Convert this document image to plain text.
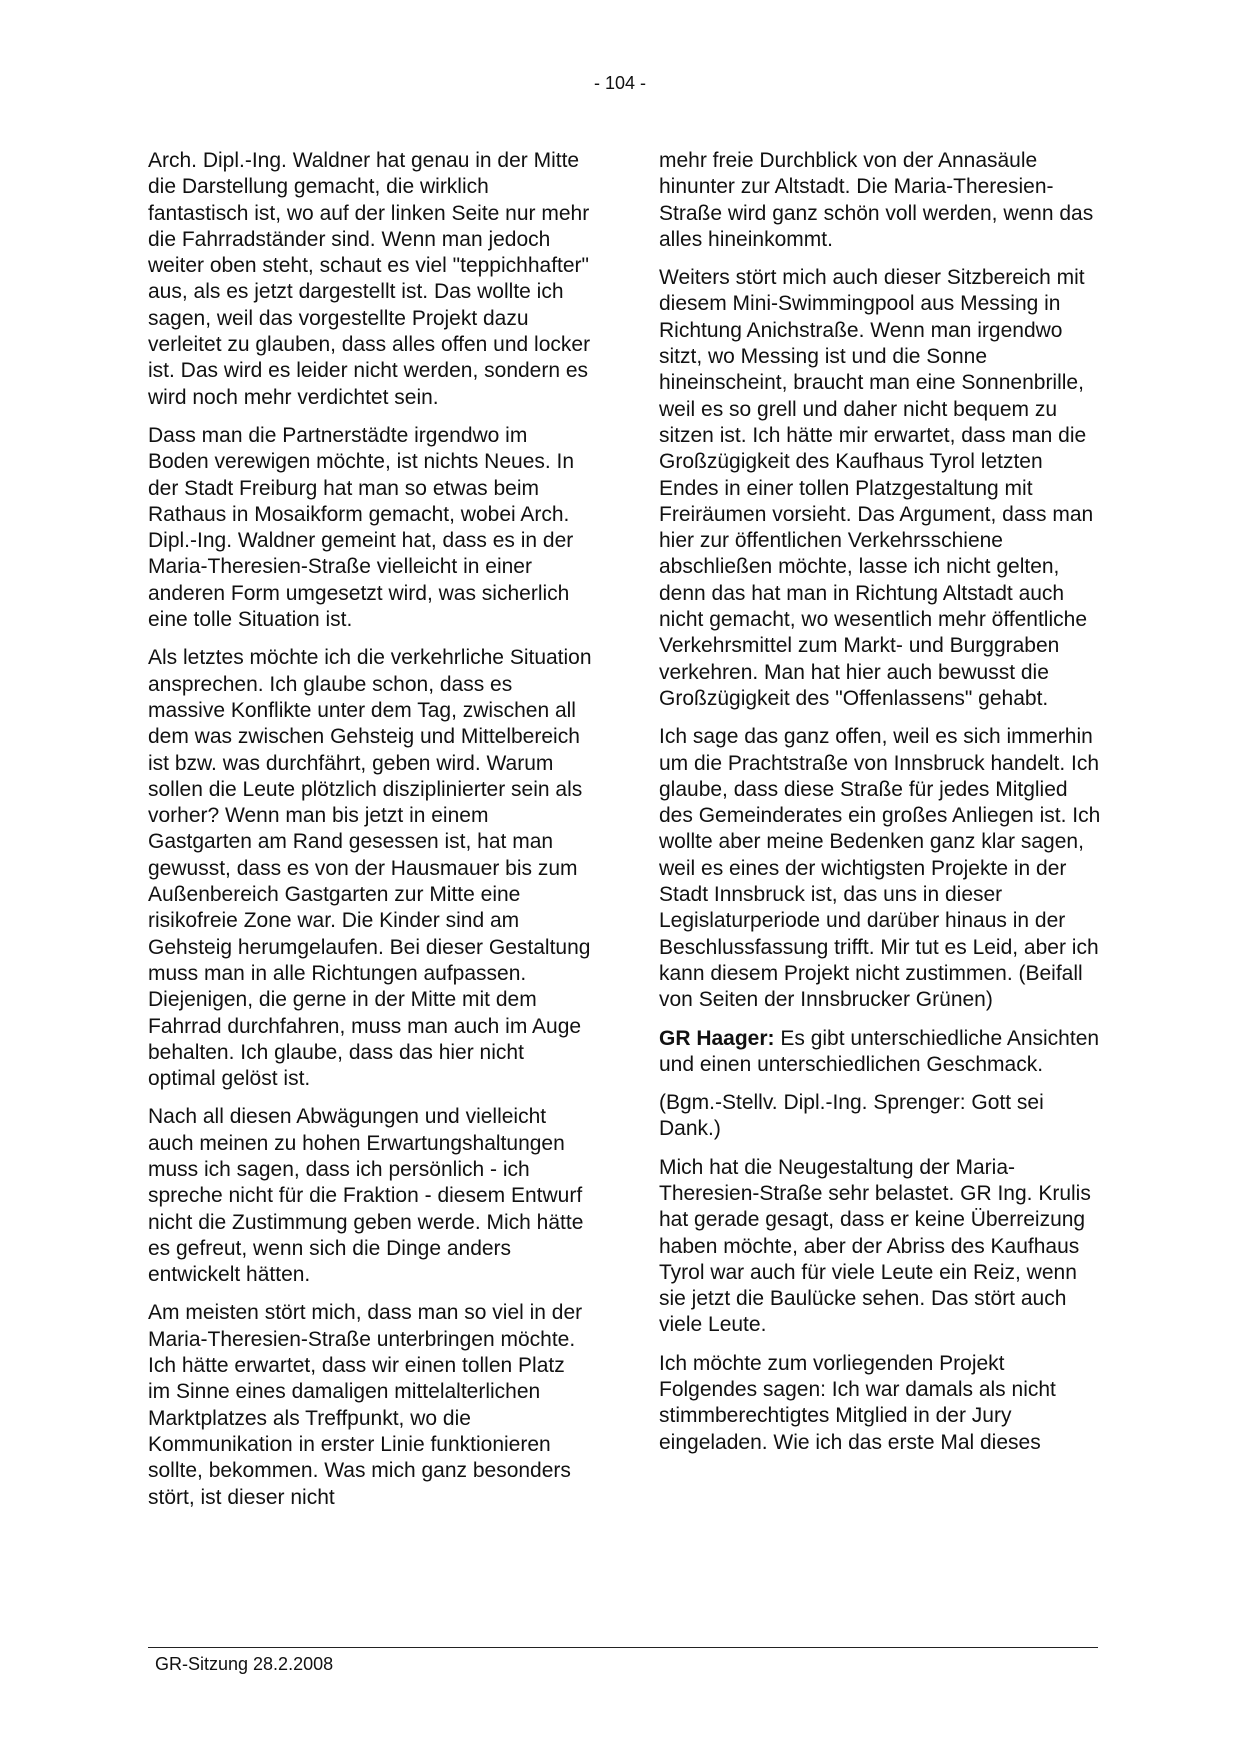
- 104 -

Arch. Dipl.-Ing. Waldner hat genau in der Mitte die Darstellung gemacht, die wirklich fantastisch ist, wo auf der linken Seite nur mehr die Fahrradständer sind. Wenn man jedoch weiter oben steht, schaut es viel "teppichhafter" aus, als es jetzt dargestellt ist. Das wollte ich sagen, weil das vorgestellte Projekt dazu verleitet zu glauben, dass alles offen und locker ist. Das wird es leider nicht werden, sondern es wird noch mehr verdichtet sein.

Dass man die Partnerstädte irgendwo im Boden verewigen möchte, ist nichts Neues. In der Stadt Freiburg hat man so etwas beim Rathaus in Mosaikform gemacht, wobei Arch. Dipl.-Ing. Waldner gemeint hat, dass es in der Maria-Theresien-Straße vielleicht in einer anderen Form umgesetzt wird, was sicherlich eine tolle Situation ist.

Als letztes möchte ich die verkehrliche Situation ansprechen. Ich glaube schon, dass es massive Konflikte unter dem Tag, zwischen all dem was zwischen Gehsteig und Mittelbereich ist bzw. was durchfährt, geben wird. Warum sollen die Leute plötzlich disziplinierter sein als vorher? Wenn man bis jetzt in einem Gastgarten am Rand gesessen ist, hat man gewusst, dass es von der Hausmauer bis zum Außenbereich Gastgarten zur Mitte eine risikofreie Zone war. Die Kinder sind am Gehsteig herumgelaufen. Bei dieser Gestaltung muss man in alle Richtungen aufpassen. Diejenigen, die gerne in der Mitte mit dem Fahrrad durchfahren, muss man auch im Auge behalten. Ich glaube, dass das hier nicht optimal gelöst ist.

Nach all diesen Abwägungen und vielleicht auch meinen zu hohen Erwartungshaltungen muss ich sagen, dass ich persönlich - ich spreche nicht für die Fraktion - diesem Entwurf nicht die Zustimmung geben werde. Mich hätte es gefreut, wenn sich die Dinge anders entwickelt hätten.

Am meisten stört mich, dass man so viel in der Maria-Theresien-Straße unterbringen möchte. Ich hätte erwartet, dass wir einen tollen Platz im Sinne eines damaligen mittelalterlichen Marktplatzes als Treffpunkt, wo die Kommunikation in erster Linie funktionieren sollte, bekommen. Was mich ganz besonders stört, ist dieser nicht

mehr freie Durchblick von der Annasäule hinunter zur Altstadt. Die Maria-Theresien-Straße wird ganz schön voll werden, wenn das alles hineinkommt.

Weiters stört mich auch dieser Sitzbereich mit diesem Mini-Swimmingpool aus Messing in Richtung Anichstraße. Wenn man irgendwo sitzt, wo Messing ist und die Sonne hineinscheint, braucht man eine Sonnenbrille, weil es so grell und daher nicht bequem zu sitzen ist. Ich hätte mir erwartet, dass man die Großzügigkeit des Kaufhaus Tyrol letzten Endes in einer tollen Platzgestaltung mit Freiräumen vorsieht. Das Argument, dass man hier zur öffentlichen Verkehrsschiene abschließen möchte, lasse ich nicht gelten, denn das hat man in Richtung Altstadt auch nicht gemacht, wo wesentlich mehr öffentliche Verkehrsmittel zum Markt- und Burggraben verkehren. Man hat hier auch bewusst die Großzügigkeit des "Offenlassens" gehabt.

Ich sage das ganz offen, weil es sich immerhin um die Prachtstraße von Innsbruck handelt. Ich glaube, dass diese Straße für jedes Mitglied des Gemeinderates ein großes Anliegen ist. Ich wollte aber meine Bedenken ganz klar sagen, weil es eines der wichtigsten Projekte in der Stadt Innsbruck ist, das uns in dieser Legislaturperiode und darüber hinaus in der Beschlussfassung trifft. Mir tut es Leid, aber ich kann diesem Projekt nicht zustimmen. (Beifall von Seiten der Innsbrucker Grünen)

GR Haager: Es gibt unterschiedliche Ansichten und einen unterschiedlichen Geschmack.

(Bgm.-Stellv. Dipl.-Ing. Sprenger: Gott sei Dank.)

Mich hat die Neugestaltung der Maria-Theresien-Straße sehr belastet. GR Ing. Krulis hat gerade gesagt, dass er keine Überreizung haben möchte, aber der Abriss des Kaufhaus Tyrol war auch für viele Leute ein Reiz, wenn sie jetzt die Baulücke sehen. Das stört auch viele Leute.

Ich möchte zum vorliegenden Projekt Folgendes sagen: Ich war damals als nicht stimmberechtigtes Mitglied in der Jury eingeladen. Wie ich das erste Mal dieses

GR-Sitzung 28.2.2008
